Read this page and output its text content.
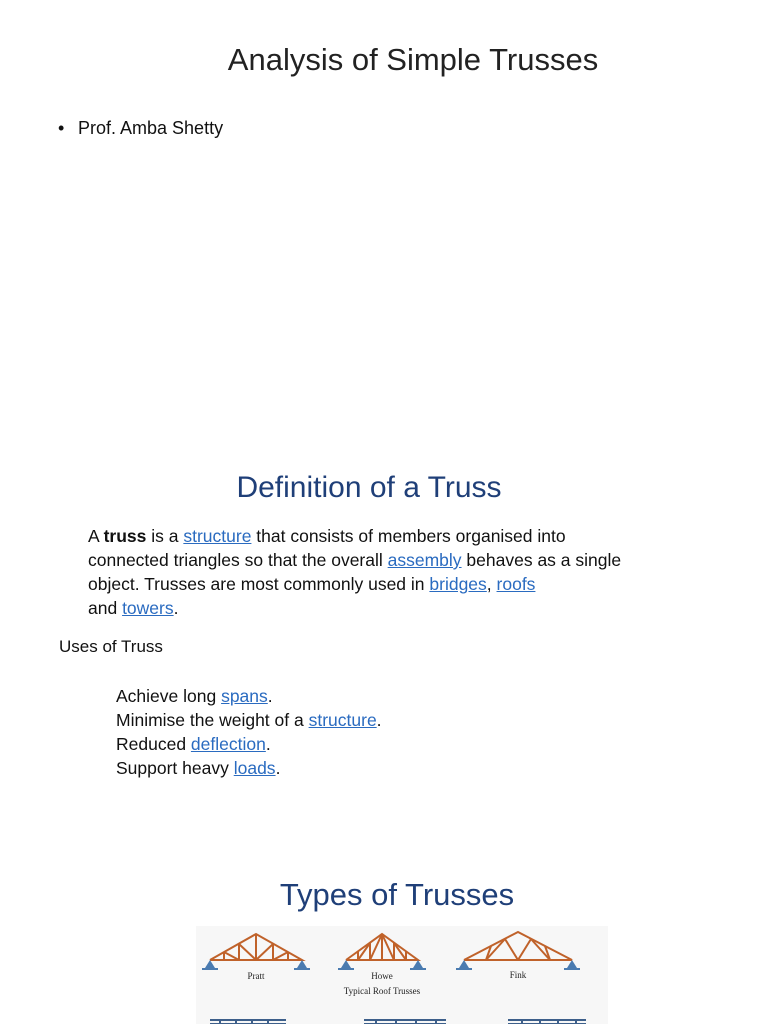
Analysis of Simple Trusses
• Prof. Amba Shetty
Definition of a Truss
A truss is a structure that consists of members organised into connected triangles so that the overall assembly behaves as a single object. Trusses are most commonly used in bridges, roofs
and towers.
Uses of Truss
Achieve long spans.
Minimise the weight of a structure.
Reduced deflection.
Support heavy loads.
Types of Trusses
Pratt	Howe	Fink
Typical Roof Trusses
